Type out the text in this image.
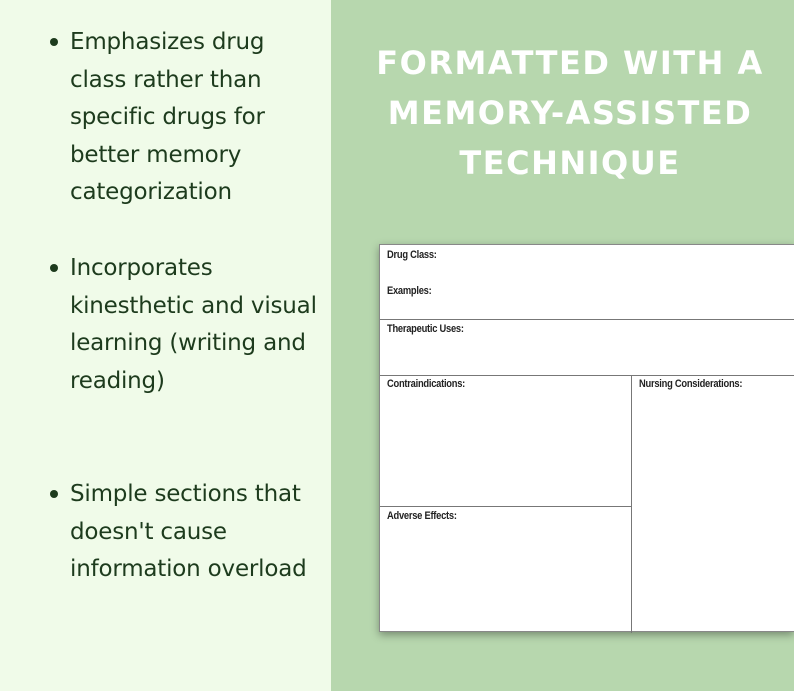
Emphasizes drug class rather than specific drugs for better memory categorization
Incorporates kinesthetic and visual learning (writing and reading)
Simple sections that doesn't cause information overload
FORMATTED WITH A
MEMORY-ASSISTED
TECHNIQUE
Drug Class:
Examples:
Therapeutic Uses:
Contraindications:	Nursing Considerations:
Adverse Effects:
